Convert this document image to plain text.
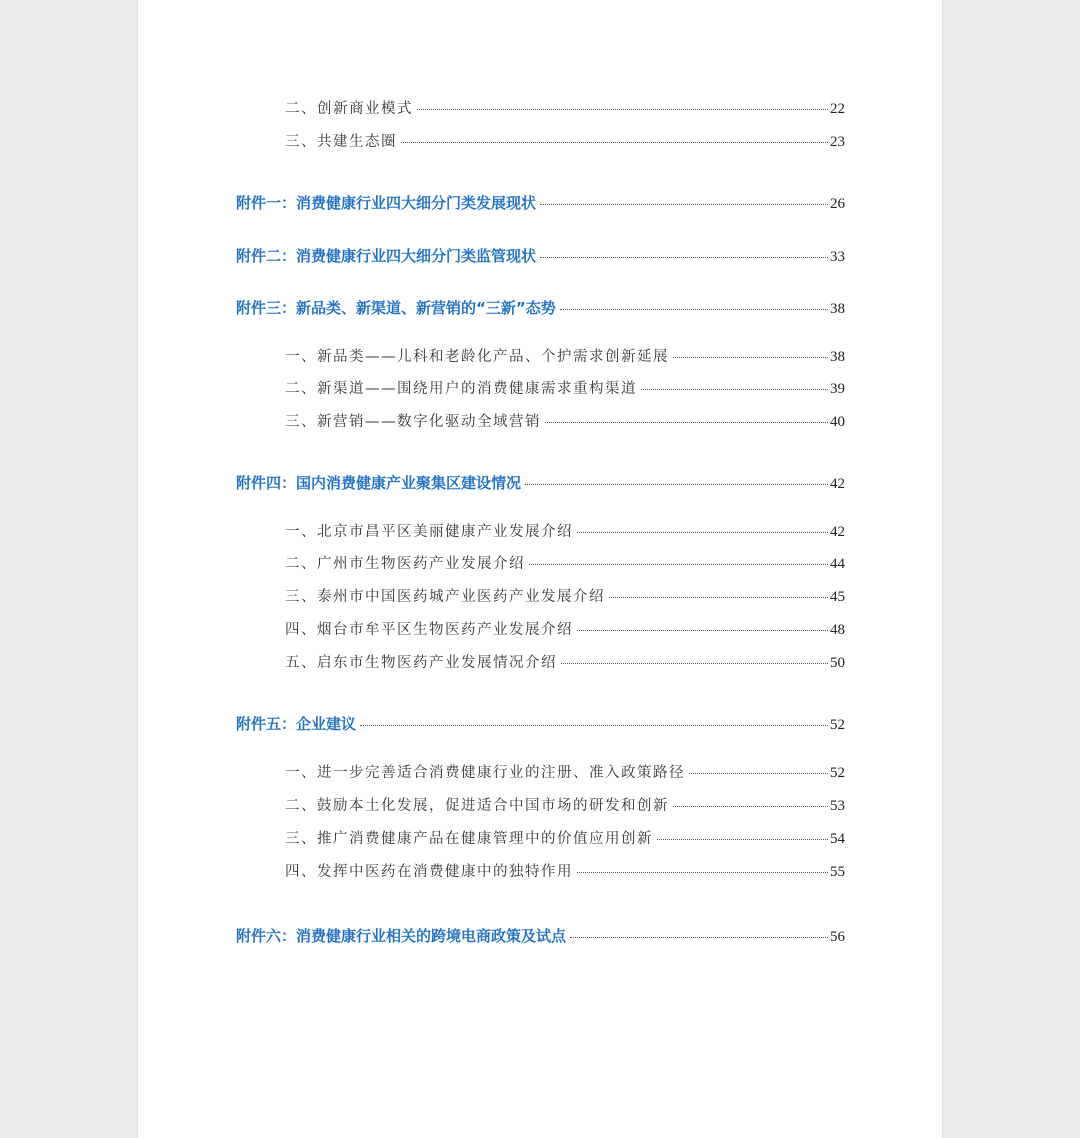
二、创新商业模式	22
三、共建生态圈	23
附件一：消费健康行业四大细分门类发展现状	26
附件二：消费健康行业四大细分门类监管现状	33
附件三：新品类、新渠道、新营销的“三新”态势	38
一、新品类——儿科和老龄化产品、个护需求创新延展	38
二、新渠道——围绕用户的消费健康需求重构渠道	39
三、新营销——数字化驱动全域营销	40
附件四：国内消费健康产业聚集区建设情况	42
一、北京市昌平区美丽健康产业发展介绍	42
二、广州市生物医药产业发展介绍	44
三、泰州市中国医药城产业医药产业发展介绍	45
四、烟台市牟平区生物医药产业发展介绍	48
五、启东市生物医药产业发展情况介绍	50
附件五：企业建议	52
一、进一步完善适合消费健康行业的注册、准入政策路径	52
二、鼓励本土化发展，促进适合中国市场的研发和创新	53
三、推广消费健康产品在健康管理中的价值应用创新	54
四、发挥中医药在消费健康中的独特作用	55
附件六：消费健康行业相关的跨境电商政策及试点	56
